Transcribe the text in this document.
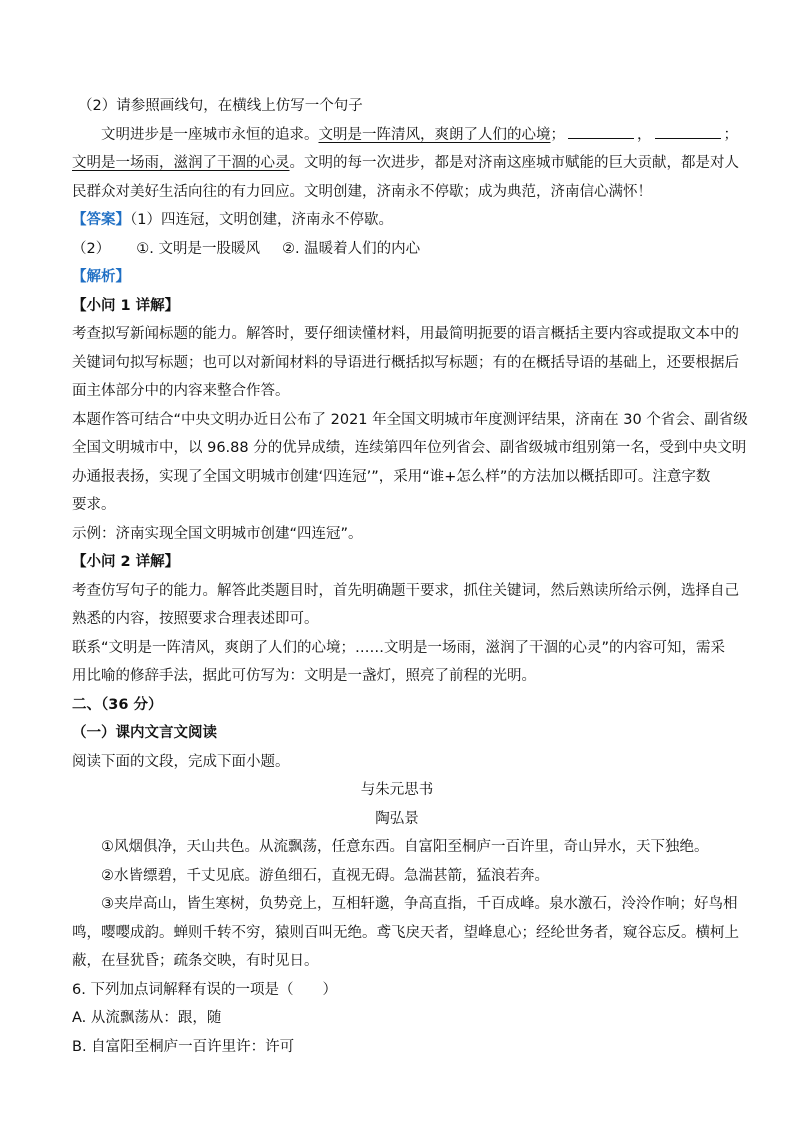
（2）请参照画线句，在横线上仿写一个句子
文明进步是一座城市永恒的追求。文明是一阵清风，爽朗了人们的心境；	，	；
文明是一场雨，滋润了干涸的心灵。文明的每一次进步，都是对济南这座城市赋能的巨大贡献，都是对人
民群众对美好生活向往的有力回应。文明创建，济南永不停歇；成为典范，济南信心满怀！
【答案】（1）四连冠，文明创建，济南永不停歇。
（2） ①. 文明是一股暖风 ②. 温暖着人们的内心
【解析】
【小问 1 详解】
考查拟写新闻标题的能力。解答时，要仔细读懂材料，用最简明扼要的语言概括主要内容或提取文本中的
关键词句拟写标题；也可以对新闻材料的导语进行概括拟写标题；有的在概括导语的基础上，还要根据后
面主体部分中的内容来整合作答。
本题作答可结合“中央文明办近日公布了 2021 年全国文明城市年度测评结果，济南在 30 个省会、副省级
全国文明城市中，以 96.88 分的优异成绩，连续第四年位列省会、副省级城市组别第一名，受到中央文明
办通报表扬，实现了全国文明城市创建‘四连冠’”，采用“谁+怎么样”的方法加以概括即可。注意字数
要求。
示例：济南实现全国文明城市创建“四连冠”。
【小问 2 详解】
考查仿写句子的能力。解答此类题目时，首先明确题干要求，抓住关键词，然后熟读所给示例，选择自己
熟悉的内容，按照要求合理表述即可。
联系“文明是一阵清风，爽朗了人们的心境；……文明是一场雨，滋润了干涸的心灵”的内容可知，需采
用比喻的修辞手法，据此可仿写为：文明是一盏灯，照亮了前程的光明。
二、（36 分）
（一）课内文言文阅读
阅读下面的文段，完成下面小题。
与朱元思书
陶弘景
①风烟俱净，天山共色。从流飘荡，任意东西。自富阳至桐庐一百许里，奇山异水，天下独绝。
②水皆缥碧，千丈见底。游鱼细石，直视无碍。急湍甚箭，猛浪若奔。
③夹岸高山，皆生寒树，负势竞上，互相轩邈，争高直指，千百成峰。泉水激石，泠泠作响；好鸟相
鸣，嘤嘤成韵。蝉则千转不穷，猿则百叫无绝。鸢飞戾天者，望峰息心；经纶世务者，窥谷忘反。横柯上
蔽，在昼犹昏；疏条交映，有时见日。
6. 下列加点词解释有误的一项是（　　）
A. 从流飘荡从：跟，随
B. 自富阳至桐庐一百许里许：许可
